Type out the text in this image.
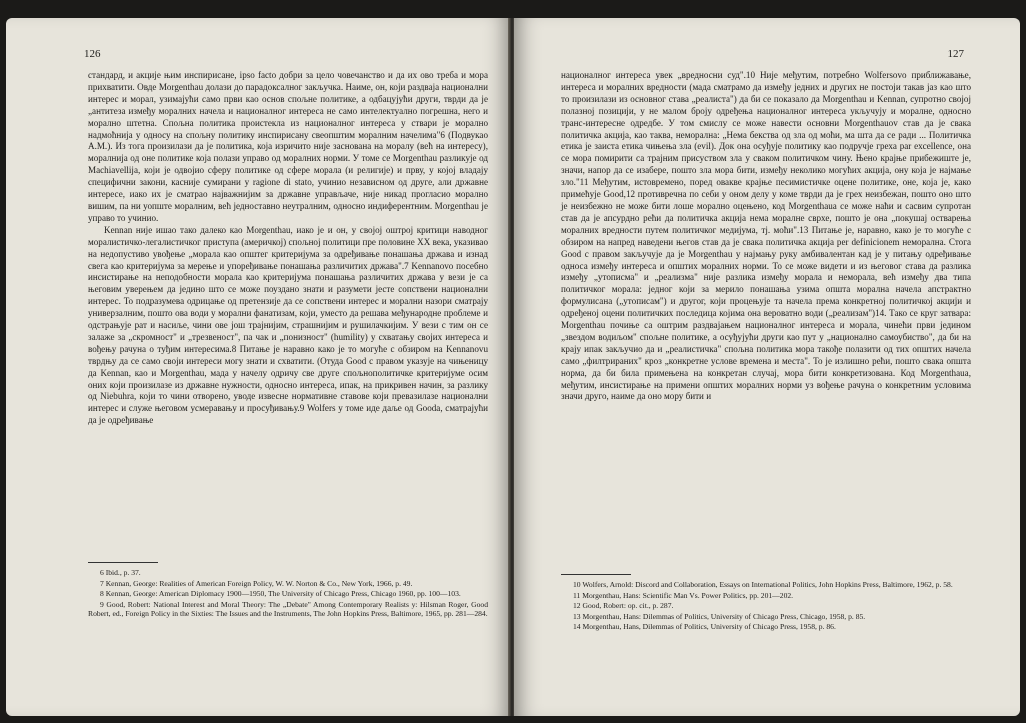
126

стандард, и акције њим инспирисане, ipso facto добри за цело човечанство и да их ово треба и мора прихватити. Овде Morgenthau долази до парадоксалног закључка. Наиме, он, који раздваја национални интерес и морал, узимајући само први као основ спољне политике, а одбацујући други, тврди да је „антитеза између моралних начела и националног интереса не само интелектуално погрешна, него и морално штетна. Спољна политика проистекла из националног интереса у ствари је морално надмоћнија у односу на спољну политику инспирисану свеопштим моралним начелима"6 (Подвукао А.М.). Из тога произилази да је политика, која изричито није заснована на моралу (већ на интересу), моралнија од оне политике која полази управо од моралних норми. У томе се Morgenthau разликује од Machiavellija, који је одвојио сферу политике од сфере морала (и религије) и прву, у којој владају специфични закони, касније сумирани у ragione di stato, учинио независном од друге, али државне интересе, иако их је сматрао најважнијим за државне управљаче, није никад прогласио морално вишим, па ни уопште моралним, већ једноставно неутралним, односно индиферентним. Morgenthau је управо то учинио.

Kennan није ишао тако далеко као Morgenthau, иако је и он, у својој оштрој критици наводног моралистичко-легалистичког приступа (америчкој) спољној политици пре половине XX века, указивао на недопустиво увођење „морала као општег критеријума за одређивање понашања држава и изнад свега као критеријума за мерење и упоређивање понашања различитих држава".7 Kennanovo посебно инсистирање на неподобности морала као критеријума понашања различитих држава у вези је са његовим уверењем да једино што се може поуздано знати и разумети јесте сопствени национални интерес. То подразумева одрицање од претензије да се сопствени интерес и морални назори сматрају универзалним, пошто ова води у морални фанатизам, који, уместо да решава међународне проблеме и одстрањује рат и насиље, чини ове још трајнијим, страшнијим и рушилачкијим. У вези с тим он се залаже за „скромност" и „трезвеност", па чак и „понизност" (humility) у схватању својих интереса и вођењу рачуна о туђим интересима.8 Питање је наравно како је то могуће с обзиром на Kennanovu тврдњу да се само своји интереси могу знати и схватити. (Отуда Good с правом указује на чињеницу да Kennan, као и Morgenthau, мада у начелу одричу све друге спољнополитичке критеријуме осим оних који произилазе из државне нужности, односно интереса, ипак, на прикривен начин, за разлику од Niebuhra, који то чини отворено, уводе извесне нормативне ставове који превазилазе национални интерес и служе његовом усмеравању и просуђивању.9 Wolfers у томе иде даље од Gooda, сматрајући да је одређивање

6 Ibid., p. 37.

7 Kennan, George: Realities of American Foreign Policy, W. W. Norton & Co., New York, 1966, p. 49.

8 Kennan, George: American Diplomacy 1900—1950, The University of Chicago Press, Chicago 1960, pp. 100—103.

9 Good, Robert: National Interest and Moral Theory: The „Debate" Among Contemporary Realists у: Hilsman Roger, Good Robert, ed., Foreign Policy in the Sixties: The Issues and the Instruments, The John Hopkins Press, Baltimore, 1965, pp. 281—284.

127

националног интереса увек „вредносни суд".10 Није међутим, потребно Wolfersovo приближавање, интереса и моралних вредности (мада сматрамо да између једних и других не постоји такав јаз као што то произилази из основног става „реалиста") да би се показало да Morgenthau и Kennan, супротно својој полазној позицији, у не малом броју одређења националног интереса укључују и моралне, односно транс-интересне одредбе. У том смислу се може навести основни Morgenthauov став да је свака политичка акција, као таква, неморална: „Нема бекства од зла од моћи, ма шта да се ради ... Политичка етика је заиста етика чињења зла (evil). Док она осуђује политику као подручје греха par excellence, она се мора помирити са трајним присуством зла у сваком политичком чину. Њено крајње прибежиште је, значи, напор да се изабере, пошто зла мора бити, између неколико могућих акција, ону која је најмање зло."11 Међутим, истовремено, поред овакве крајње песимистичке оцене политике, оне, која је, како примећује Good,12 противречна по себи у оном делу у коме тврди да је грех неизбежан, пошто оно што је неизбежно не може бити лоше морално оцењено, код Morgenthaua се може наћи и сасвим супротан став да је апсурдно рећи да политичка акција нема моралне сврхе, пошто је она „покушај остварења моралних вредности путем политичког медијума, тј. моћи".13 Питање је, наравно, како је то могуће с обзиром на напред наведени његов став да је свака политичка акција per definicionem неморална. Стога Good с правом закључује да је Morgenthau у најмању руку амбивалентан кад је у питању одређивање односа између интереса и општих моралних норми. То се може видети и из његовог става да разлика између „утописма" и „реализма" није разлика између морала и неморала, већ између два типа политичког морала: једног који за мерило понашања узима општа морална начела апстрактно формулисана („утописам") и другог, који процењује та начела према конкретној политичкој акцији и одређеној оцени политичких последица којима она вероватно води („реализам")14. Тако се круг затвара: Morgenthau почиње са оштрим раздвајањем националног интереса и морала, чинећи први једином „звездом водиљом" спољне политике, а осуђујући други као пут у „национално самоубиство", да би на крају ипак закључио да и „реалистичка" спољна политика мора такође полазити од тих општих начела само „филтрираних" кроз „конкретне услове времена и места". То је излишно рећи, пошто свака општа норма, да би била примењена на конкретан случај, мора бити конкретизована. Код Morgenthaua, међутим, инсистирање на примени општих моралних норми уз вођење рачуна о конкретним условима значи друго, наиме да оно мору бити и

10 Wolfers, Arnold: Discord and Collaboration, Essays on International Politics, John Hopkins Press, Baltimore, 1962, p. 58.

11 Morgenthau, Hans: Scientific Man Vs. Power Politics, pp. 201—202.

12 Good, Robert: op. cit., p. 287.

13 Morgenthau, Hans: Dilemmas of Politics, University of Chicago Press, Chicago, 1958, p. 85.

14 Morgenthau, Hans, Dilemmas of Politics, University of Chicago Press, 1958, p. 86.
